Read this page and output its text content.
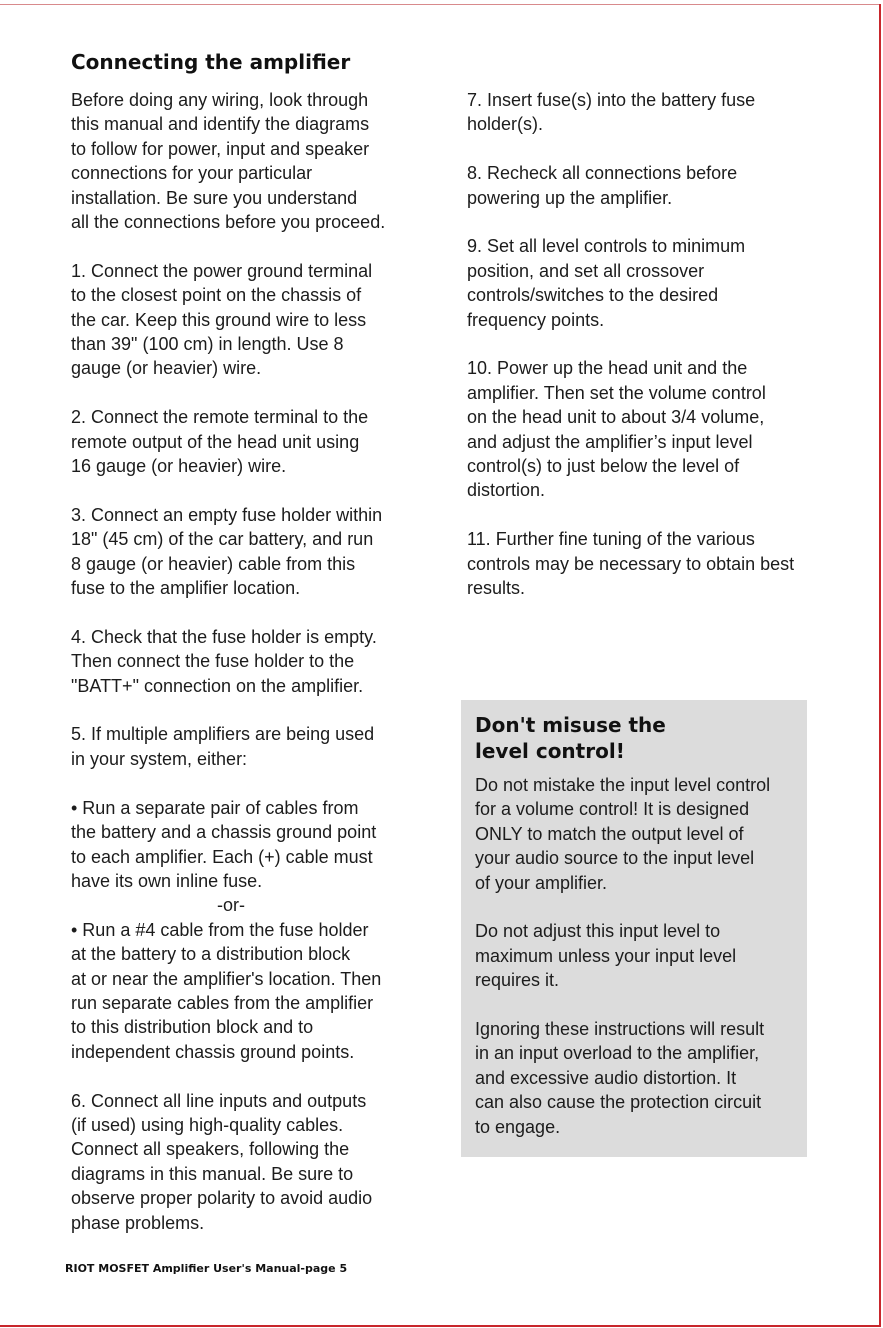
Connecting the amplifier

Before doing any wiring, look through
this manual and identify the diagrams
to follow for power, input and speaker
connections for your particular
installation. Be sure you understand
all the connections before you proceed.

1. Connect the power ground terminal
to the closest point on the chassis of
the car. Keep this ground wire to less
than 39" (100 cm) in length. Use 8
gauge (or heavier) wire.

2. Connect the remote terminal to the
remote output of the head unit using
16 gauge (or heavier) wire.

3. Connect an empty fuse holder within
18" (45 cm) of the car battery, and run
8 gauge (or heavier) cable from this
fuse to the amplifier location.

4. Check that the fuse holder is empty.
Then connect the fuse holder to the
"BATT+" connection on the amplifier.

5. If multiple amplifiers are being used
in your system, either:

• Run a separate pair of cables from
the battery and a chassis ground point
to each amplifier. Each (+) cable must
have its own inline fuse.

-or-

• Run a #4 cable from the fuse holder
at the battery to a distribution block
at or near the amplifier's location. Then
run separate cables from the amplifier
to this distribution block and to
independent chassis ground points.

6. Connect all line inputs and outputs
(if used) using high-quality cables.
Connect all speakers, following the
diagrams in this manual. Be sure to
observe proper polarity to avoid audio
phase problems.

7. Insert fuse(s) into the battery fuse
holder(s).

8. Recheck all connections before
powering up the amplifier.

9. Set all level controls to minimum
position, and set all crossover
controls/switches to the desired
frequency points.

10. Power up the head unit and the
amplifier. Then set the volume control
on the head unit to about 3/4 volume,
and adjust the amplifier’s input level
control(s) to just below the level of
distortion.

11. Further fine tuning of the various
controls may be necessary to obtain best
results.

Don't misuse the
level control!

Do not mistake the input level control
for a volume control! It is designed
ONLY to match the output level of
your audio source to the input level
of your amplifier.

Do not adjust this input level to
maximum unless your input level
requires it.

Ignoring these instructions will result
in an input overload to the amplifier,
and excessive audio distortion. It
can also cause the protection circuit
to engage.

RIOT MOSFET Amplifier User's Manual-page 5
